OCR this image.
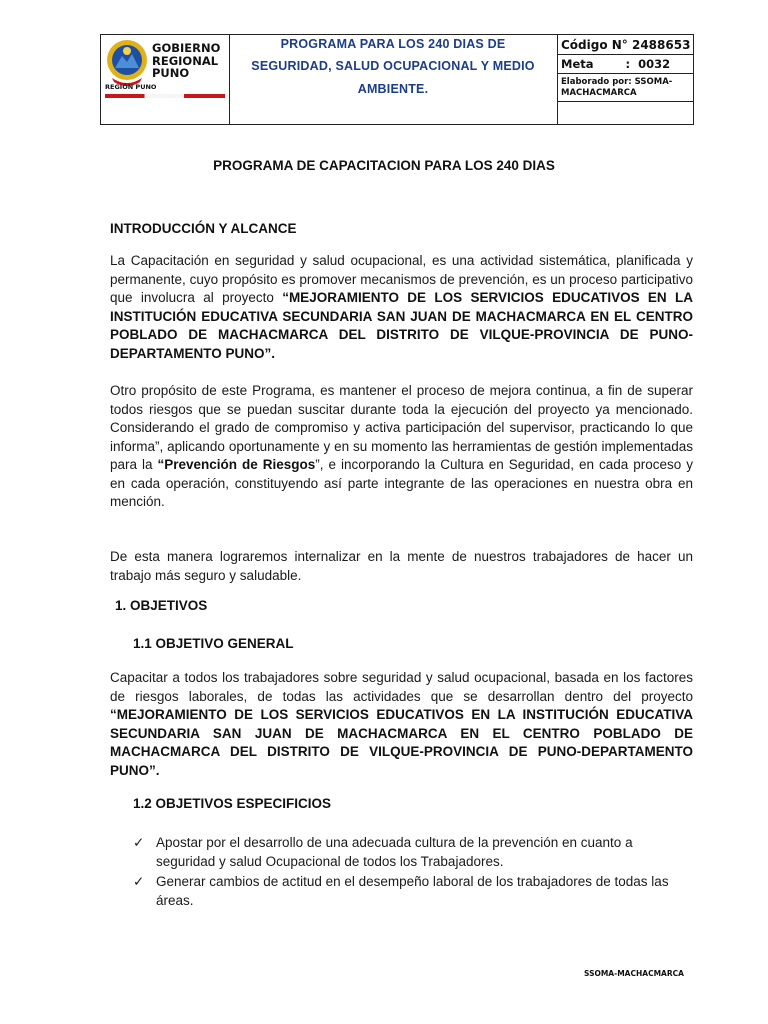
GOBIERNO
REGIONAL
PUNO
REGIÓN PUNO
PROGRAMA PARA LOS 240 DIAS DE
SEGURIDAD, SALUD OCUPACIONAL Y MEDIO
AMBIENTE.
Código N° 2488653
Meta        :  0032
Elaborado por: SSOMA-MACHACMARCA
PROGRAMA DE CAPACITACION PARA LOS 240 DIAS
INTRODUCCIÓN Y ALCANCE
La Capacitación en seguridad y salud ocupacional, es una actividad sistemática, planificada y permanente, cuyo propósito es promover mecanismos de prevención, es un proceso participativo que involucra al proyecto “MEJORAMIENTO DE LOS SERVICIOS EDUCATIVOS EN LA INSTITUCIÓN EDUCATIVA SECUNDARIA SAN JUAN DE MACHACMARCA EN EL CENTRO POBLADO DE MACHACMARCA DEL DISTRITO DE VILQUE-PROVINCIA DE PUNO-DEPARTAMENTO PUNO”.
Otro propósito de este Programa, es mantener el proceso de mejora continua, a fin de superar todos riesgos que se puedan suscitar durante toda la ejecución del proyecto ya mencionado. Considerando el grado de compromiso y activa participación del supervisor, practicando lo que informa”, aplicando oportunamente y en su momento las herramientas de gestión implementadas para la “Prevención de Riesgos”, e incorporando la Cultura en Seguridad, en cada proceso y en cada operación, constituyendo así parte integrante de las operaciones en nuestra obra en mención.
De esta manera lograremos internalizar en la mente de nuestros trabajadores de hacer un trabajo más seguro y saludable.
1. OBJETIVOS
1.1 OBJETIVO GENERAL
Capacitar a todos los trabajadores sobre seguridad y salud ocupacional, basada en los factores de riesgos laborales, de todas las actividades que se desarrollan dentro del proyecto “MEJORAMIENTO DE LOS SERVICIOS EDUCATIVOS EN LA INSTITUCIÓN EDUCATIVA SECUNDARIA SAN JUAN DE MACHACMARCA EN EL CENTRO POBLADO DE MACHACMARCA DEL DISTRITO DE VILQUE-PROVINCIA DE PUNO-DEPARTAMENTO PUNO”.
1.2 OBJETIVOS ESPECIFICIOS
✓ Apostar por el desarrollo de una adecuada cultura de la prevención en cuanto a seguridad y salud Ocupacional de todos los Trabajadores.
✓ Generar cambios de actitud en el desempeño laboral de los trabajadores de todas las áreas.
SSOMA-MACHACMARCA
